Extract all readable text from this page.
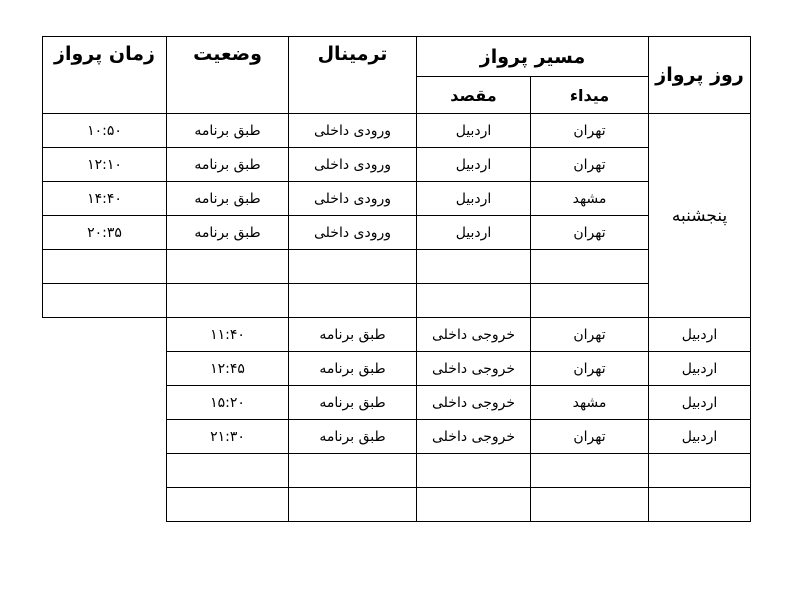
روز پرواز	مسیر پرواز		ترمینال	وضعیت	زمان پرواز
	میداء	مقصد			
پنجشنبه	تهران	اردبیل	ورودی داخلی	طبق برنامه	۱۰:۵۰
	تهران	اردبیل	ورودی داخلی	طبق برنامه	۱۲:۱۰
	مشهد	اردبیل	ورودی داخلی	طبق برنامه	۱۴:۴۰
	تهران	اردبیل	ورودی داخلی	طبق برنامه	۲۰:۳۵

اردبیل	تهران	خروجی داخلی	طبق برنامه	۱۱:۴۰	
اردبیل	تهران	خروجی داخلی	طبق برنامه	۱۲:۴۵	
اردبیل	مشهد	خروجی داخلی	طبق برنامه	۱۵:۲۰	
اردبیل	تهران	خروجی داخلی	طبق برنامه	۲۱:۳۰	
